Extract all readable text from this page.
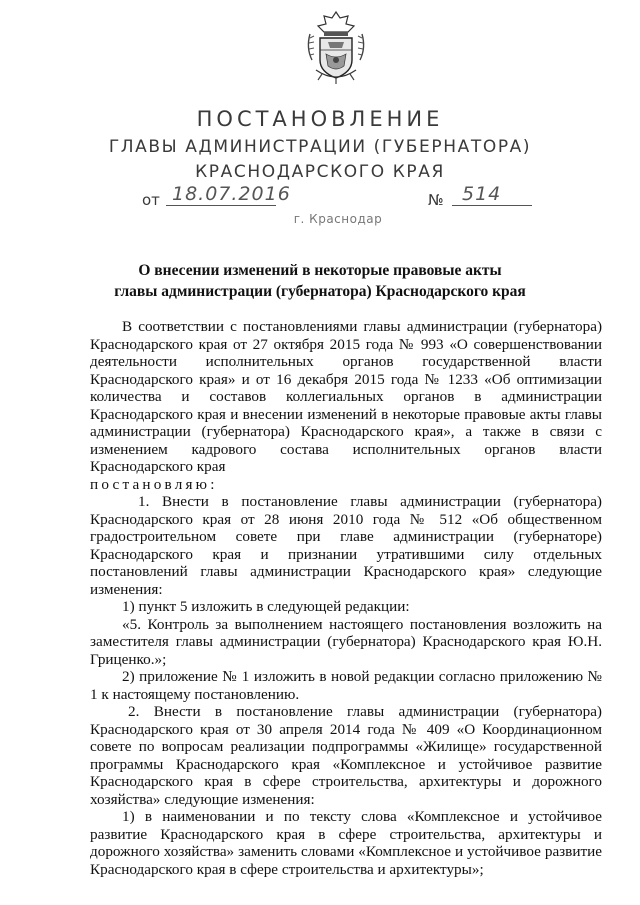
ПОСТАНОВЛЕНИЕ
ГЛАВЫ АДМИНИСТРАЦИИ (ГУБЕРНАТОРА)
КРАСНОДАРСКОГО КРАЯ
от 18.07.2016	№ 514
г. Краснодар
О внесении изменений в некоторые правовые акты
главы администрации (губернатора) Краснодарского края

В соответствии с постановлениями главы администрации (губернатора) Краснодарского края от 27 октября 2015 года № 993 «О совершенствовании деятельности исполнительных органов государственной власти Краснодарского края» и от 16 декабря 2015 года № 1233 «Об оптимизации количества и составов коллегиальных органов в администрации Краснодарского края и внесении изменений в некоторые правовые акты главы администрации (губернатора) Краснодарского края», а также в связи с изменением кадрового состава исполнительных органов власти Краснодарского края

постановляю:

1. Внести в постановление главы администрации (губернатора) Краснодарского края от 28 июня 2010 года № 512 «Об общественном градостроительном совете при главе администрации (губернаторе) Краснодарского края и признании утратившими силу отдельных постановлений главы администрации Краснодарского края» следующие изменения:

1) пункт 5 изложить в следующей редакции:

«5. Контроль за выполнением настоящего постановления возложить на заместителя главы администрации (губернатора) Краснодарского края Ю.Н. Гриценко.»;

2) приложение № 1 изложить в новой редакции согласно приложению № 1 к настоящему постановлению.

2. Внести в постановление главы администрации (губернатора) Краснодарского края от 30 апреля 2014 года № 409 «О Координационном совете по вопросам реализации подпрограммы «Жилище» государственной программы Краснодарского края «Комплексное и устойчивое развитие Краснодарского края в сфере строительства, архитектуры и дорожного хозяйства» следующие изменения:

1) в наименовании и по тексту слова «Комплексное и устойчивое развитие Краснодарского края в сфере строительства, архитектуры и дорожного хозяйства» заменить словами «Комплексное и устойчивое развитие Краснодарского края в сфере строительства и архитектуры»;
